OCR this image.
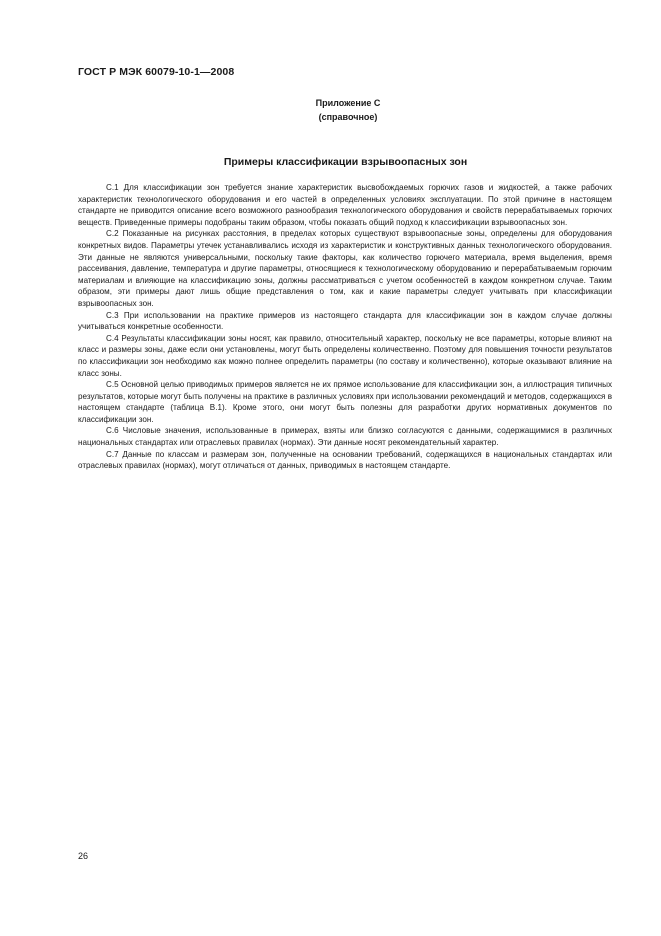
ГОСТ Р МЭК 60079-10-1—2008
Приложение С
(справочное)
Примеры классификации взрывоопасных зон

С.1 Для классификации зон требуется знание характеристик высвобождаемых горючих газов и жидкостей, а также рабочих характеристик технологического оборудования и его частей в определенных условиях эксплуатации. По этой причине в настоящем стандарте не приводится описание всего возможного разнообразия технологического оборудования и свойств перерабатываемых горючих веществ. Приведенные примеры подобраны таким образом, чтобы показать общий подход к классификации взрывоопасных зон.

С.2 Показанные на рисунках расстояния, в пределах которых существуют взрывоопасные зоны, определены для оборудования конкретных видов. Параметры утечек устанавливались исходя из характеристик и конструктивных данных технологического оборудования. Эти данные не являются универсальными, поскольку такие факторы, как количество горючего материала, время выделения, время рассеивания, давление, температура и другие параметры, относящиеся к технологическому оборудованию и перерабатываемым горючим материалам и влияющие на классификацию зоны, должны рассматриваться с учетом особенностей в каждом конкретном случае. Таким образом, эти примеры дают лишь общие представления о том, как и какие параметры следует учитывать при классификации взрывоопасных зон.

С.3 При использовании на практике примеров из настоящего стандарта для классификации зон в каждом случае должны учитываться конкретные особенности.

С.4 Результаты классификации зоны носят, как правило, относительный характер, поскольку не все параметры, которые влияют на класс и размеры зоны, даже если они установлены, могут быть определены количественно. Поэтому для повышения точности результатов по классификации зон необходимо как можно полнее определить параметры (по составу и количественно), которые оказывают влияние на класс зоны.

С.5 Основной целью приводимых примеров является не их прямое использование для классификации зон, а иллюстрация типичных результатов, которые могут быть получены на практике в различных условиях при использовании рекомендаций и методов, содержащихся в настоящем стандарте (таблица В.1). Кроме этого, они могут быть полезны для разработки других нормативных документов по классификации зон.

С.6 Числовые значения, использованные в примерах, взяты или близко согласуются с данными, содержащимися в различных национальных стандартах или отраслевых правилах (нормах). Эти данные носят рекомендательный характер.

С.7 Данные по классам и размерам зон, полученные на основании требований, содержащихся в национальных стандартах или отраслевых правилах (нормах), могут отличаться от данных, приводимых в настоящем стандарте.

26
